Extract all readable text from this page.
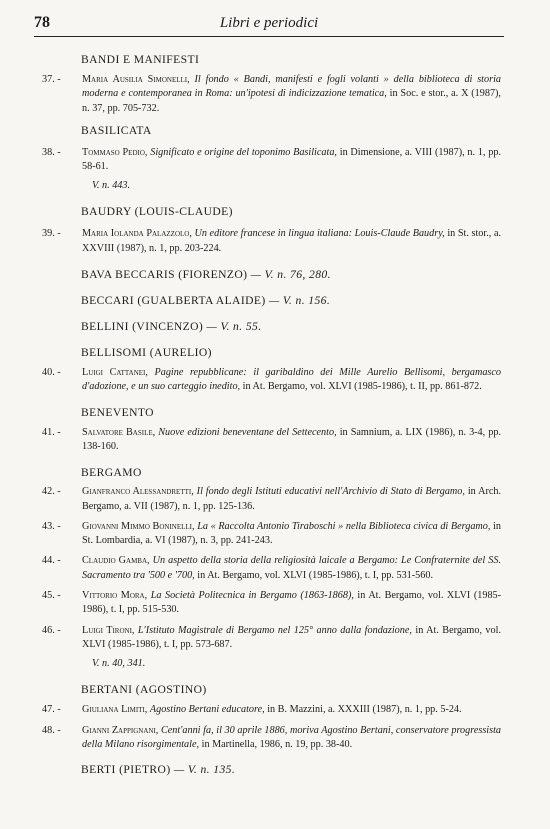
78	Libri e periodici
BANDI E MANIFESTI
37. -	Maria Ausilia Simonelli, Il fondo « Bandi, manifesti e fogli volanti » della biblioteca di storia moderna e contemporanea in Roma: un'ipotesi di indicizzazione tematica, in Soc. e stor., a. X (1987), n. 37, pp. 705-732.
BASILICATA
38. -	Tommaso Pedio, Significato e origine del toponimo Basilicata, in Dimensione, a. VIII (1987), n. 1, pp. 58-61.
V. n. 443.
BAUDRY (LOUIS-CLAUDE)
39. -	Maria Iolanda Palazzolo, Un editore francese in lingua italiana: Louis-Claude Baudry, in St. stor., a. XXVIII (1987), n. 1, pp. 203-224.
BAVA BECCARIS (FIORENZO) — V. n. 76, 280.
BECCARI (GUALBERTA ALAIDE) — V. n. 156.
BELLINI (VINCENZO) — V. n. 55.
BELLISOMI (AURELIO)
40. -	Luigi Cattanei, Pagine repubblicane: il garibaldino dei Mille Aurelio Bellisomi, bergamasco d'adozione, e un suo carteggio inedito, in At. Bergamo, vol. XLVI (1985-1986), t. II, pp. 861-872.
BENEVENTO
41. -	Salvatore Basile, Nuove edizioni beneventane del Settecento, in Samnium, a. LIX (1986), n. 3-4, pp. 138-160.
BERGAMO
42. -	Gianfranco Alessandretti, Il fondo degli Istituti educativi nell'Archivio di Stato di Bergamo, in Arch. Bergamo, a. VII (1987), n. 1, pp. 125-136.
43. -	Giovanni Mimmo Boninelli, La « Raccolta Antonio Tiraboschi » nella Biblioteca civica di Bergamo, in St. Lombardia, a. VI (1987), n. 3, pp. 241-243.
44. -	Claudio Gamba, Un aspetto della storia della religiosità laicale a Bergamo: Le Confraternite del SS. Sacramento tra '500 e '700, in At. Bergamo, vol. XLVI (1985-1986), t. I, pp. 531-560.
45. -	Vittorio Mora, La Società Politecnica in Bergamo (1863-1868), in At. Bergamo, vol. XLVI (1985-1986), t. I, pp. 515-530.
46. -	Luigi Tironi, L'Istituto Magistrale di Bergamo nel 125° anno dalla fondazione, in At. Bergamo, vol. XLVI (1985-1986), t. I, pp. 573-687.
V. n. 40, 341.
BERTANI (AGOSTINO)
47. -	Giuliana Limiti, Agostino Bertani educatore, in B. Mazzini, a. XXXIII (1987), n. 1, pp. 5-24.
48. -	Gianni Zappignani, Cent'anni fa, il 30 aprile 1886, moriva Agostino Bertani, conservatore progressista della Milano risorgimentale, in Martinella, 1986, n. 19, pp. 38-40.
BERTI (PIETRO) — V. n. 135.
